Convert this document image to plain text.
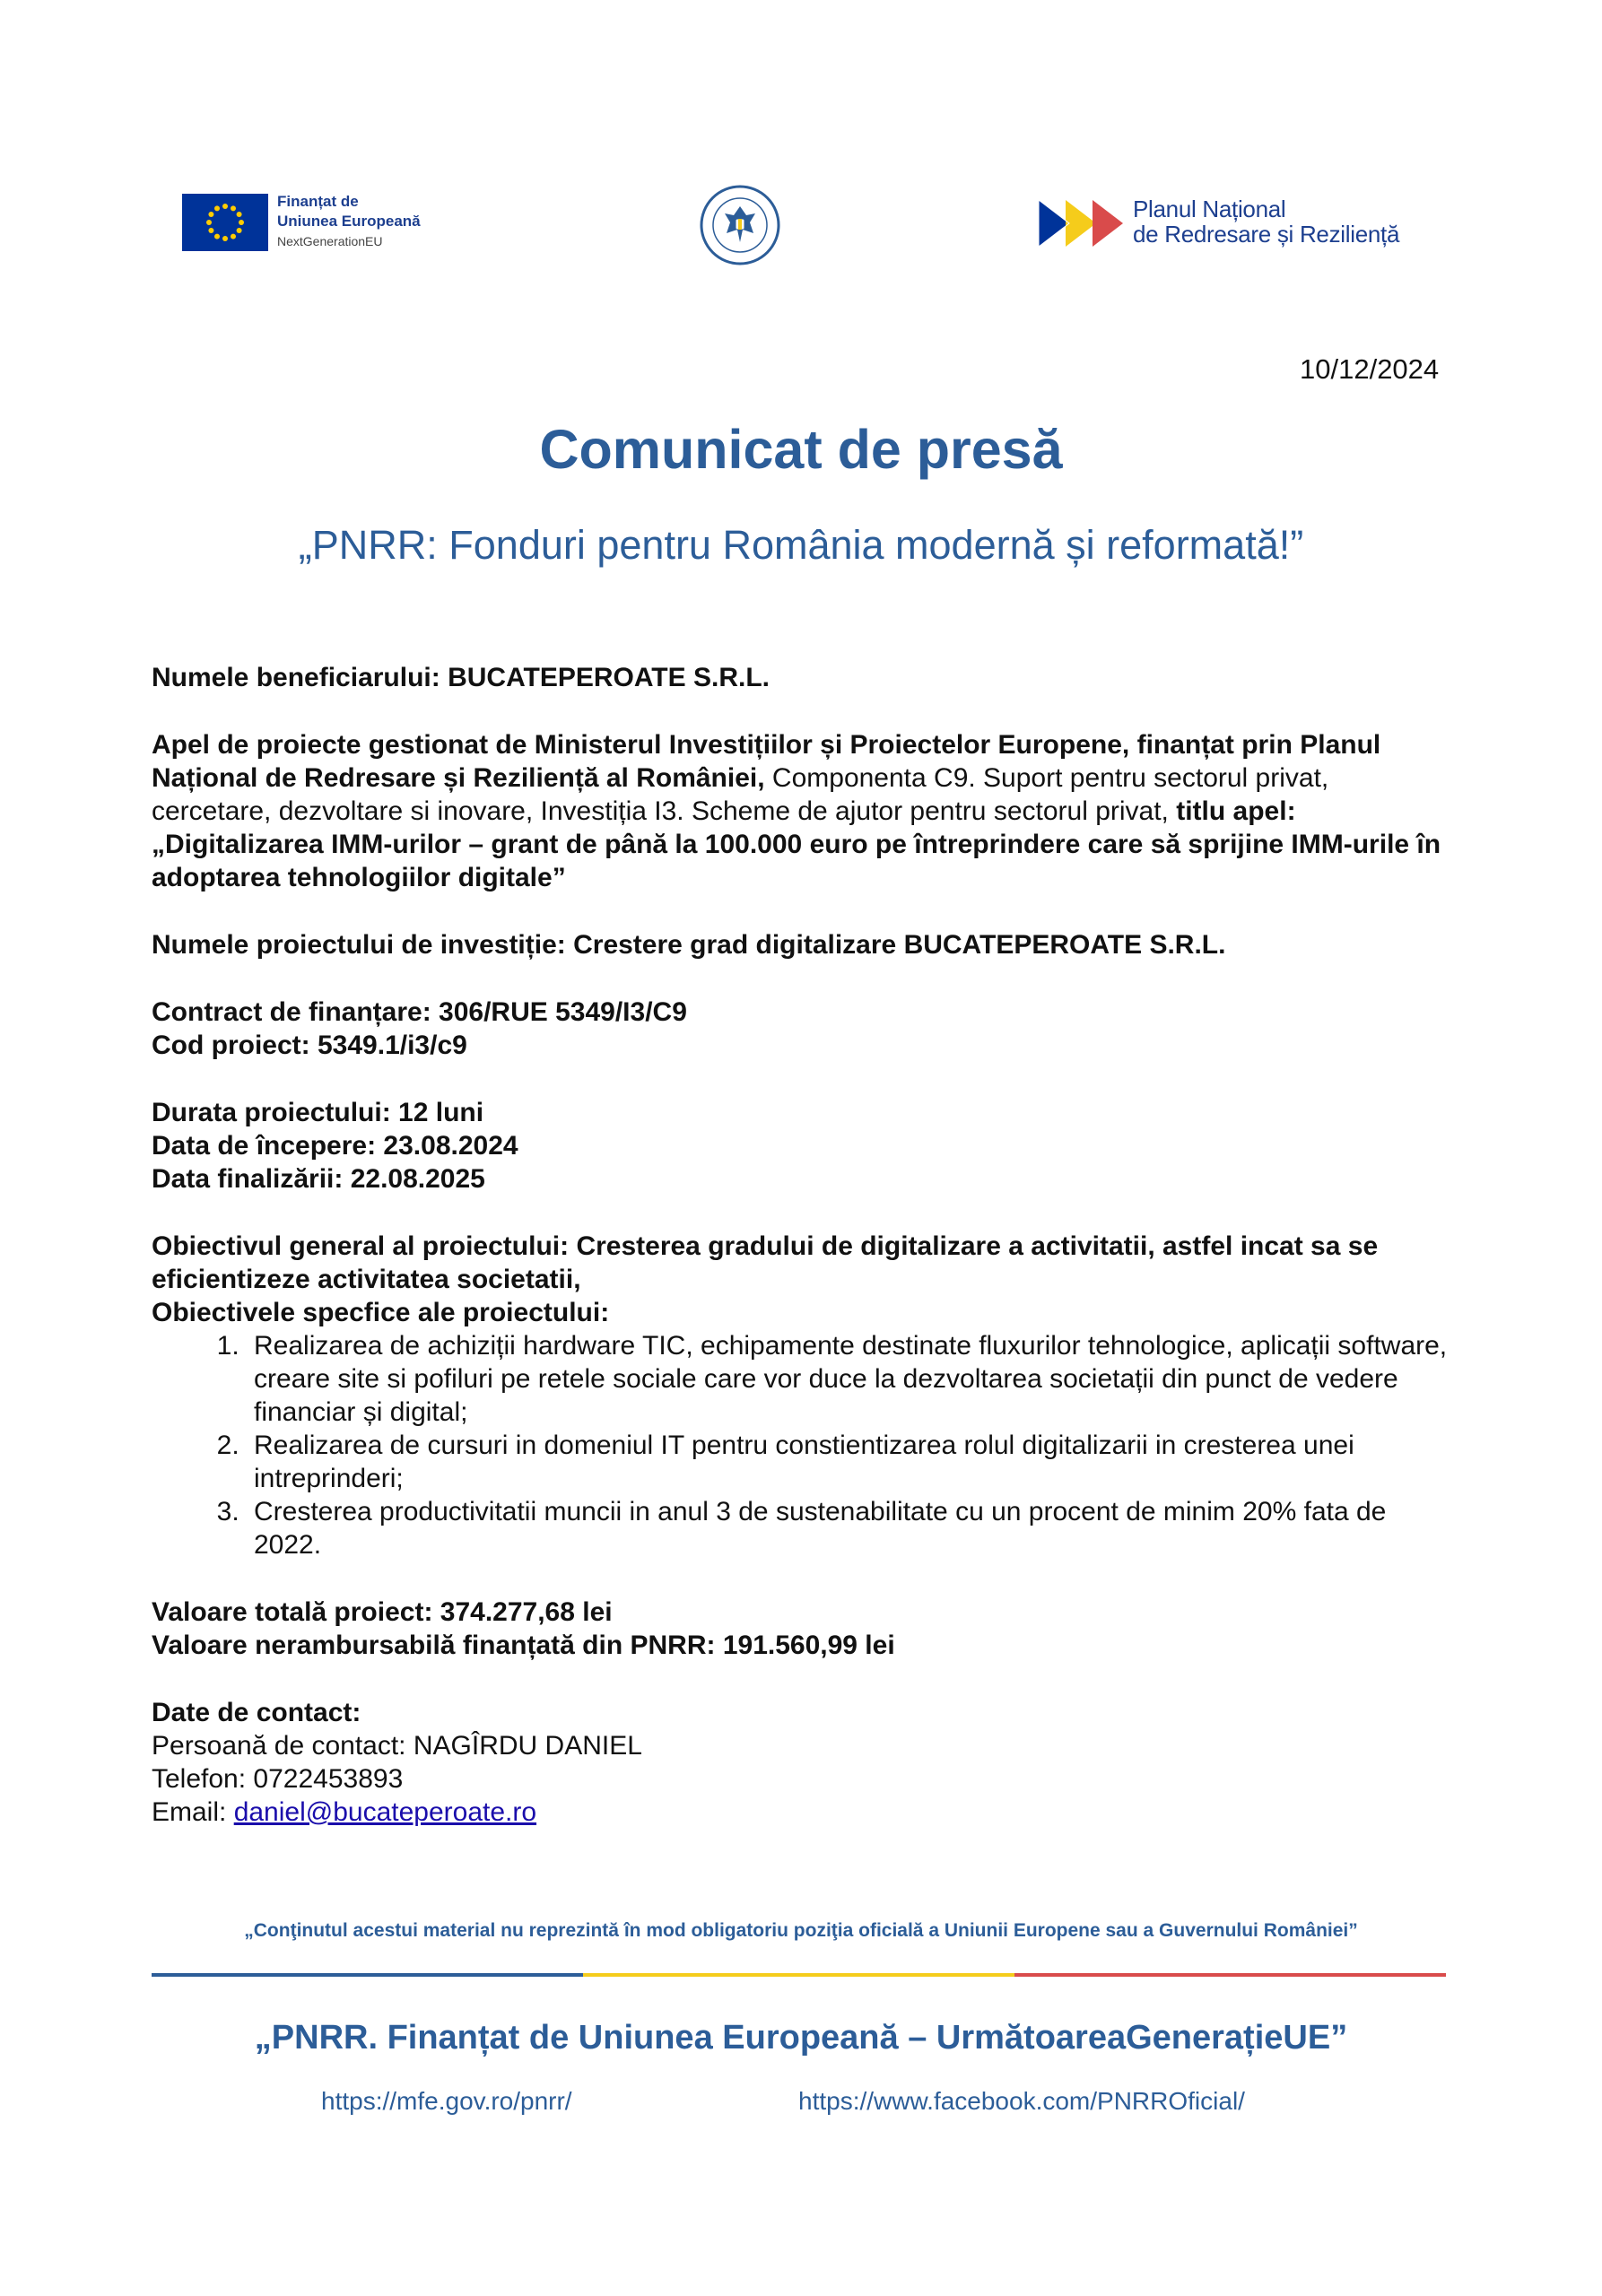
Finanțat de
Uniunea Europeană
NextGenerationEU
Planul Național
de Redresare și Reziliență
10/12/2024
Comunicat de presă
„PNRR: Fonduri pentru România modernă și reformată!”

Numele beneficiarului: BUCATEPEROATE S.R.L.

Apel de proiecte gestionat de Ministerul Investițiilor și Proiectelor Europene, finanțat prin Planul Național de Redresare și Reziliență al României, Componenta C9. Suport pentru sectorul privat, cercetare, dezvoltare si inovare, Investiția I3. Scheme de ajutor pentru sectorul privat, titlu apel: „Digitalizarea IMM-urilor – grant de până la 100.000 euro pe întreprindere care să sprijine IMM-urile în adoptarea tehnologiilor digitale”

Numele proiectului de investiție: Crestere grad digitalizare BUCATEPEROATE S.R.L.

Contract de finanțare: 306/RUE 5349/I3/C9

Cod proiect: 5349.1/i3/c9

Durata proiectului: 12 luni

Data de începere: 23.08.2024

Data finalizării: 22.08.2025

Obiectivul general al proiectului: Cresterea gradului de digitalizare a activitatii, astfel incat sa se eficientizeze activitatea societatii,

Obiectivele specfice ale proiectului:

1. Realizarea de achiziții hardware TIC, echipamente destinate fluxurilor tehnologice, aplicații software, creare site si pofiluri pe retele sociale care vor duce la dezvoltarea societații din punct de vedere financiar și digital;
2. Realizarea de cursuri in domeniul IT pentru constientizarea rolul digitalizarii in cresterea unei intreprinderi;
3. Cresterea productivitatii muncii in anul 3 de sustenabilitate cu un procent de minim 20% fata de 2022.

Valoare totală proiect: 374.277,68 lei

Valoare nerambursabilă finanțată din PNRR: 191.560,99 lei

Date de contact:

Persoană de contact: NAGÎRDU DANIEL

Telefon: 0722453893

Email: daniel@bucateperoate.ro

„Conţinutul acestui material nu reprezintă în mod obligatoriu poziţia oficială a Uniunii Europene sau a Guvernului României”
„PNRR. Finanțat de Uniunea Europeană – UrmătoareaGenerațieUE”
https://mfe.gov.ro/pnrr/	https://www.facebook.com/PNRROficial/
